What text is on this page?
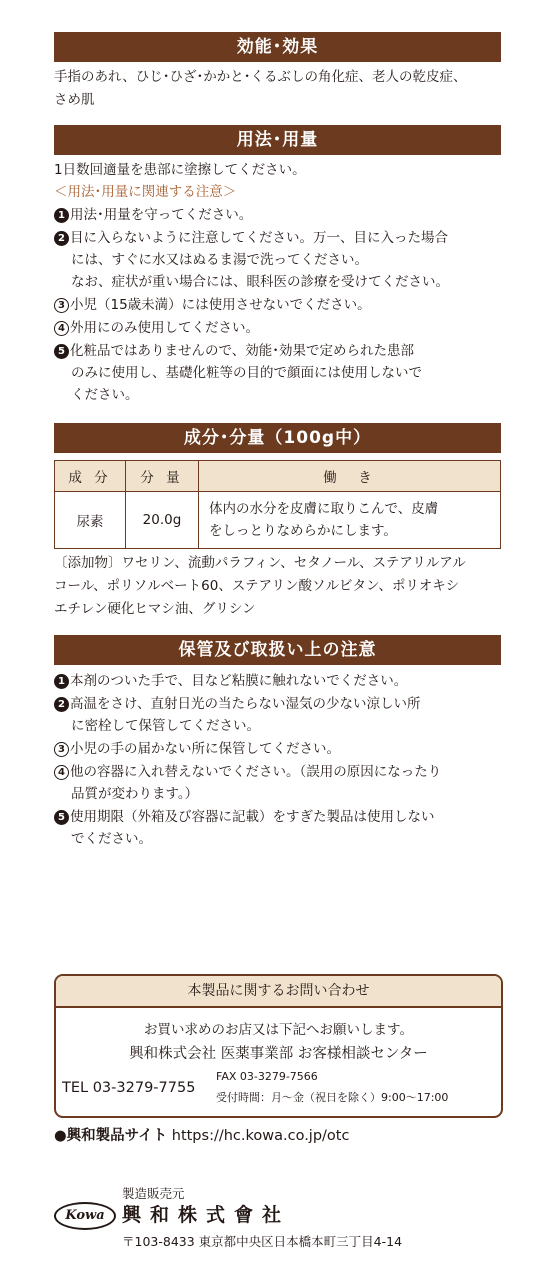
効能･効果
手指のあれ、ひじ･ひざ･かかと･くるぶしの角化症、老人の乾皮症、
さめ肌
用法･用量
1日数回適量を患部に塗擦してください。
＜用法･用量に関連する注意＞
1 用法･用量を守ってください。
2 目に入らないように注意してください。万一、目に入った場合
には、すぐに水又はぬるま湯で洗ってください。
なお、症状が重い場合には、眼科医の診療を受けてください。
3 小児（15歳未満）には使用させないでください。
4 外用にのみ使用してください。
5 化粧品ではありませんので、効能･効果で定められた患部
のみに使用し、基礎化粧等の目的で顔面には使用しないで
ください。
成分･分量（100g中）
成 分	分 量	働　き
尿素	20.0g	体内の水分を皮膚に取りこんで、皮膚
をしっとりなめらかにします。
〔添加物〕ワセリン、流動パラフィン、セタノール、ステアリルアル
コール、ポリソルベート60、ステアリン酸ソルビタン、ポリオキシ
エチレン硬化ヒマシ油、グリシン
保管及び取扱い上の注意
1 本剤のついた手で、目など粘膜に触れないでください。
2 高温をさけ、直射日光の当たらない湿気の少ない涼しい所
に密栓して保管してください。
3 小児の手の届かない所に保管してください。
4 他の容器に入れ替えないでください。（誤用の原因になったり
品質が変わります。）
5 使用期限（外箱及び容器に記載）をすぎた製品は使用しない
でください。
本製品に関するお問い合わせ
お買い求めのお店又は下記へお願いします。
興和株式会社 医薬事業部 お客様相談センター
TEL 03-3279-7755
FAX 03-3279-7566
受付時間：月～金（祝日を除く）9:00～17:00
●興和製品サイト https://hc.kowa.co.jp/otc
製造販売元
Kowa 興和株式會社
〒103-8433 東京都中央区日本橋本町三丁目4-14
